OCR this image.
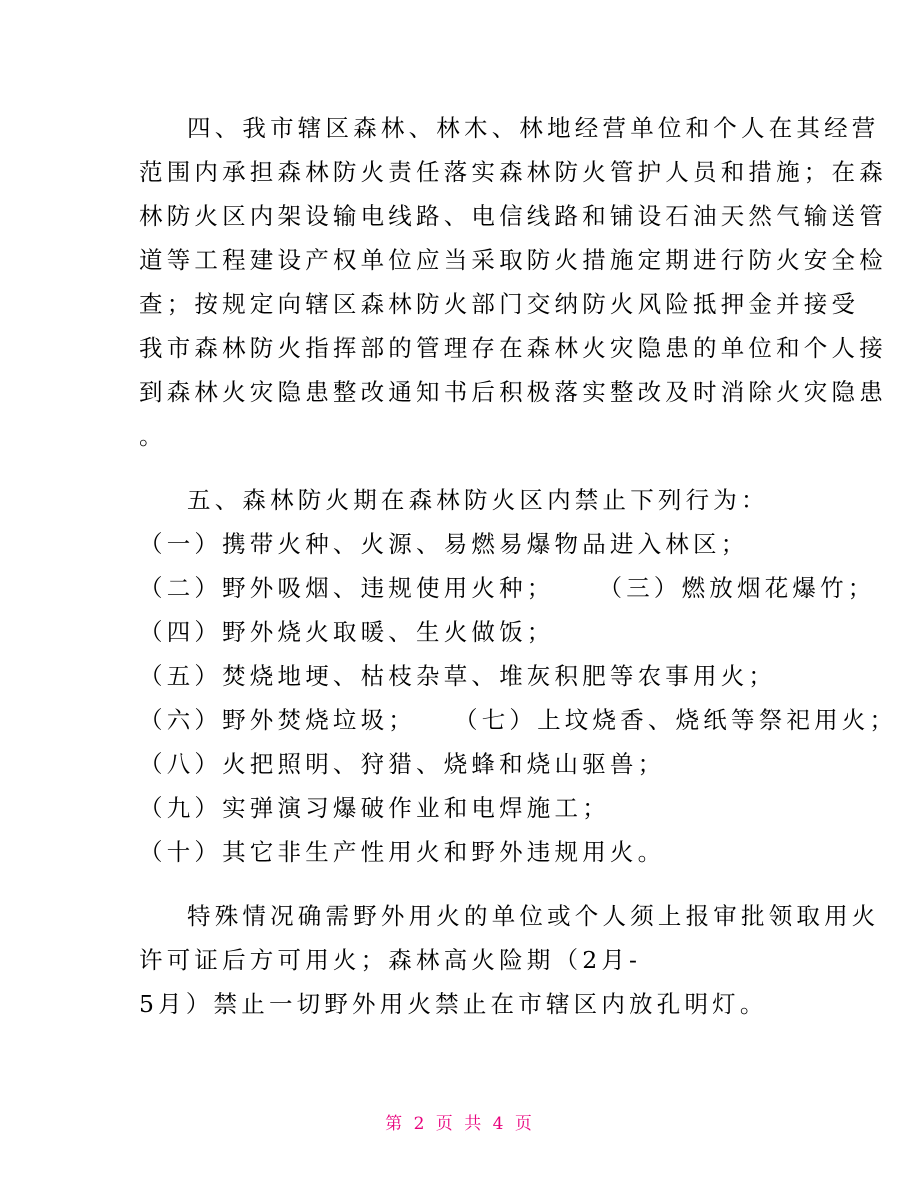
四、我市辖区森林、林木、林地经营单位和个人在其经营
范围内承担森林防火责任落实森林防火管护人员和措施；在森
林防火区内架设输电线路、电信线路和铺设石油天然气输送管
道等工程建设产权单位应当采取防火措施定期进行防火安全检
查；按规定向辖区森林防火部门交纳防火风险抵押金并接受
我市森林防火指挥部的管理存在森林火灾隐患的单位和个人接
到森林火灾隐患整改通知书后积极落实整改及时消除火灾隐患
。
五、森林防火期在森林防火区内禁止下列行为：
（一）携带火种、火源、易燃易爆物品进入林区；
（二）野外吸烟、违规使用火种； （三）燃放烟花爆竹；
（四）野外烧火取暖、生火做饭；
（五）焚烧地埂、枯枝杂草、堆灰积肥等农事用火；
（六）野外焚烧垃圾； （七）上坟烧香、烧纸等祭祀用火；
（八）火把照明、狩猎、烧蜂和烧山驱兽；
（九）实弹演习爆破作业和电焊施工；
（十）其它非生产性用火和野外违规用火。
特殊情况确需野外用火的单位或个人须上报审批领取用火
许可证后方可用火；森林高火险期（2月-
5月）禁止一切野外用火禁止在市辖区内放孔明灯。
第 2 页 共 4 页
